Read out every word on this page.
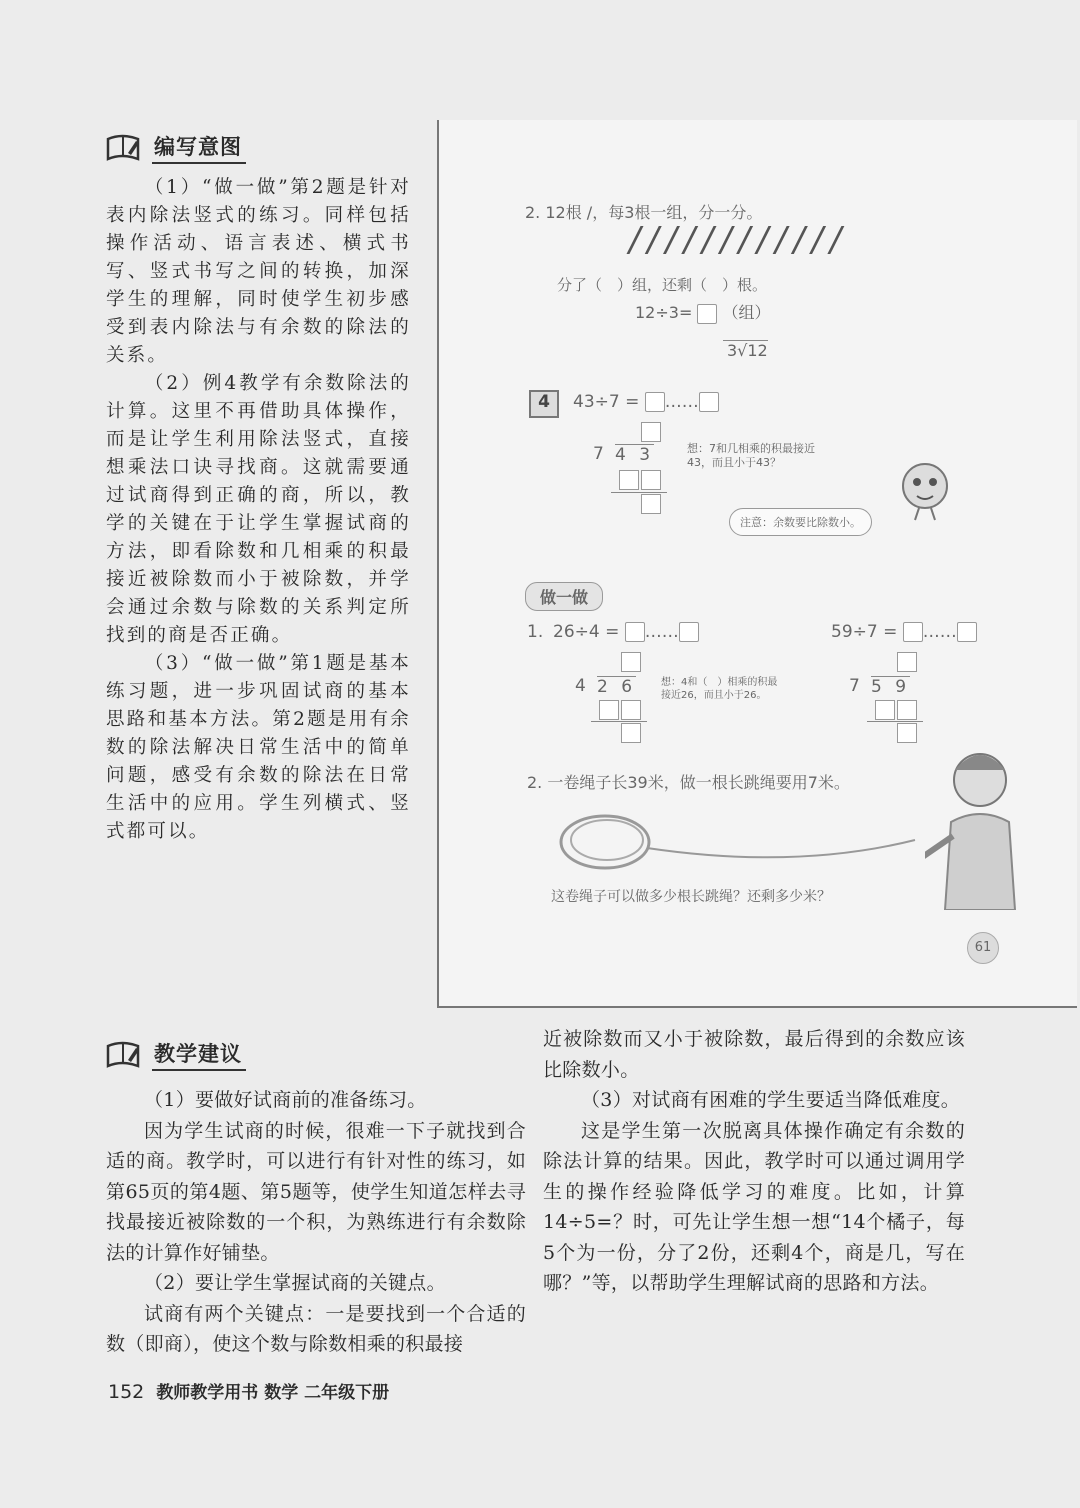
编写意图

（1）“做一做”第2题是针对表内除法竖式的练习。同样包括操作活动、语言表述、横式书写、竖式书写之间的转换，加深学生的理解，同时使学生初步感受到表内除法与有余数的除法的关系。

（2）例4教学有余数除法的计算。这里不再借助具体操作，而是让学生利用除法竖式，直接想乘法口诀寻找商。这就需要通过试商得到正确的商，所以，教学的关键在于让学生掌握试商的方法，即看除数和几相乘的积最接近被除数而小于被除数，并学会通过余数与除数的关系判定所找到的商是否正确。

（3）“做一做”第1题是基本练习题，进一步巩固试商的基本思路和基本方法。第2题是用有余数的除法解决日常生活中的简单问题，感受有余数的除法在日常生活中的应用。学生列横式、竖式都可以。

2. 12根 /，每3根一组，分一分。
/ / / / / / / / / / / /
分了（　）组，还剩（　）根。
12÷3= （组）
3√12
4	43÷7 = ……
7 4 3	想：7和几相乘的积最接近43，而且小于43？
注意：余数要比除数小。
做一做
1. 26÷4 = ……
4 2 6 想：4和（　）相乘的积最接近26，而且小于26。
59÷7 = ……
7 5 9
2. 一卷绳子长39米，做一根长跳绳要用7米。
这卷绳子可以做多少根长跳绳？还剩多少米？
61
教学建议

（1）要做好试商前的准备练习。

因为学生试商的时候，很难一下子就找到合适的商。教学时，可以进行有针对性的练习，如第65页的第4题、第5题等，使学生知道怎样去寻找最接近被除数的一个积，为熟练进行有余数除法的计算作好铺垫。

（2）要让学生掌握试商的关键点。

试商有两个关键点：一是要找到一个合适的数（即商），使这个数与除数相乘的积最接

近被除数而又小于被除数，最后得到的余数应该比除数小。

（3）对试商有困难的学生要适当降低难度。

这是学生第一次脱离具体操作确定有余数的除法计算的结果。因此，教学时可以通过调用学生的操作经验降低学习的难度。比如，计算14÷5=？时，可先让学生想一想“14个橘子，每5个为一份，分了2份，还剩4个，商是几，写在哪？”等，以帮助学生理解试商的思路和方法。

152 教师教学用书 数学 二年级下册
